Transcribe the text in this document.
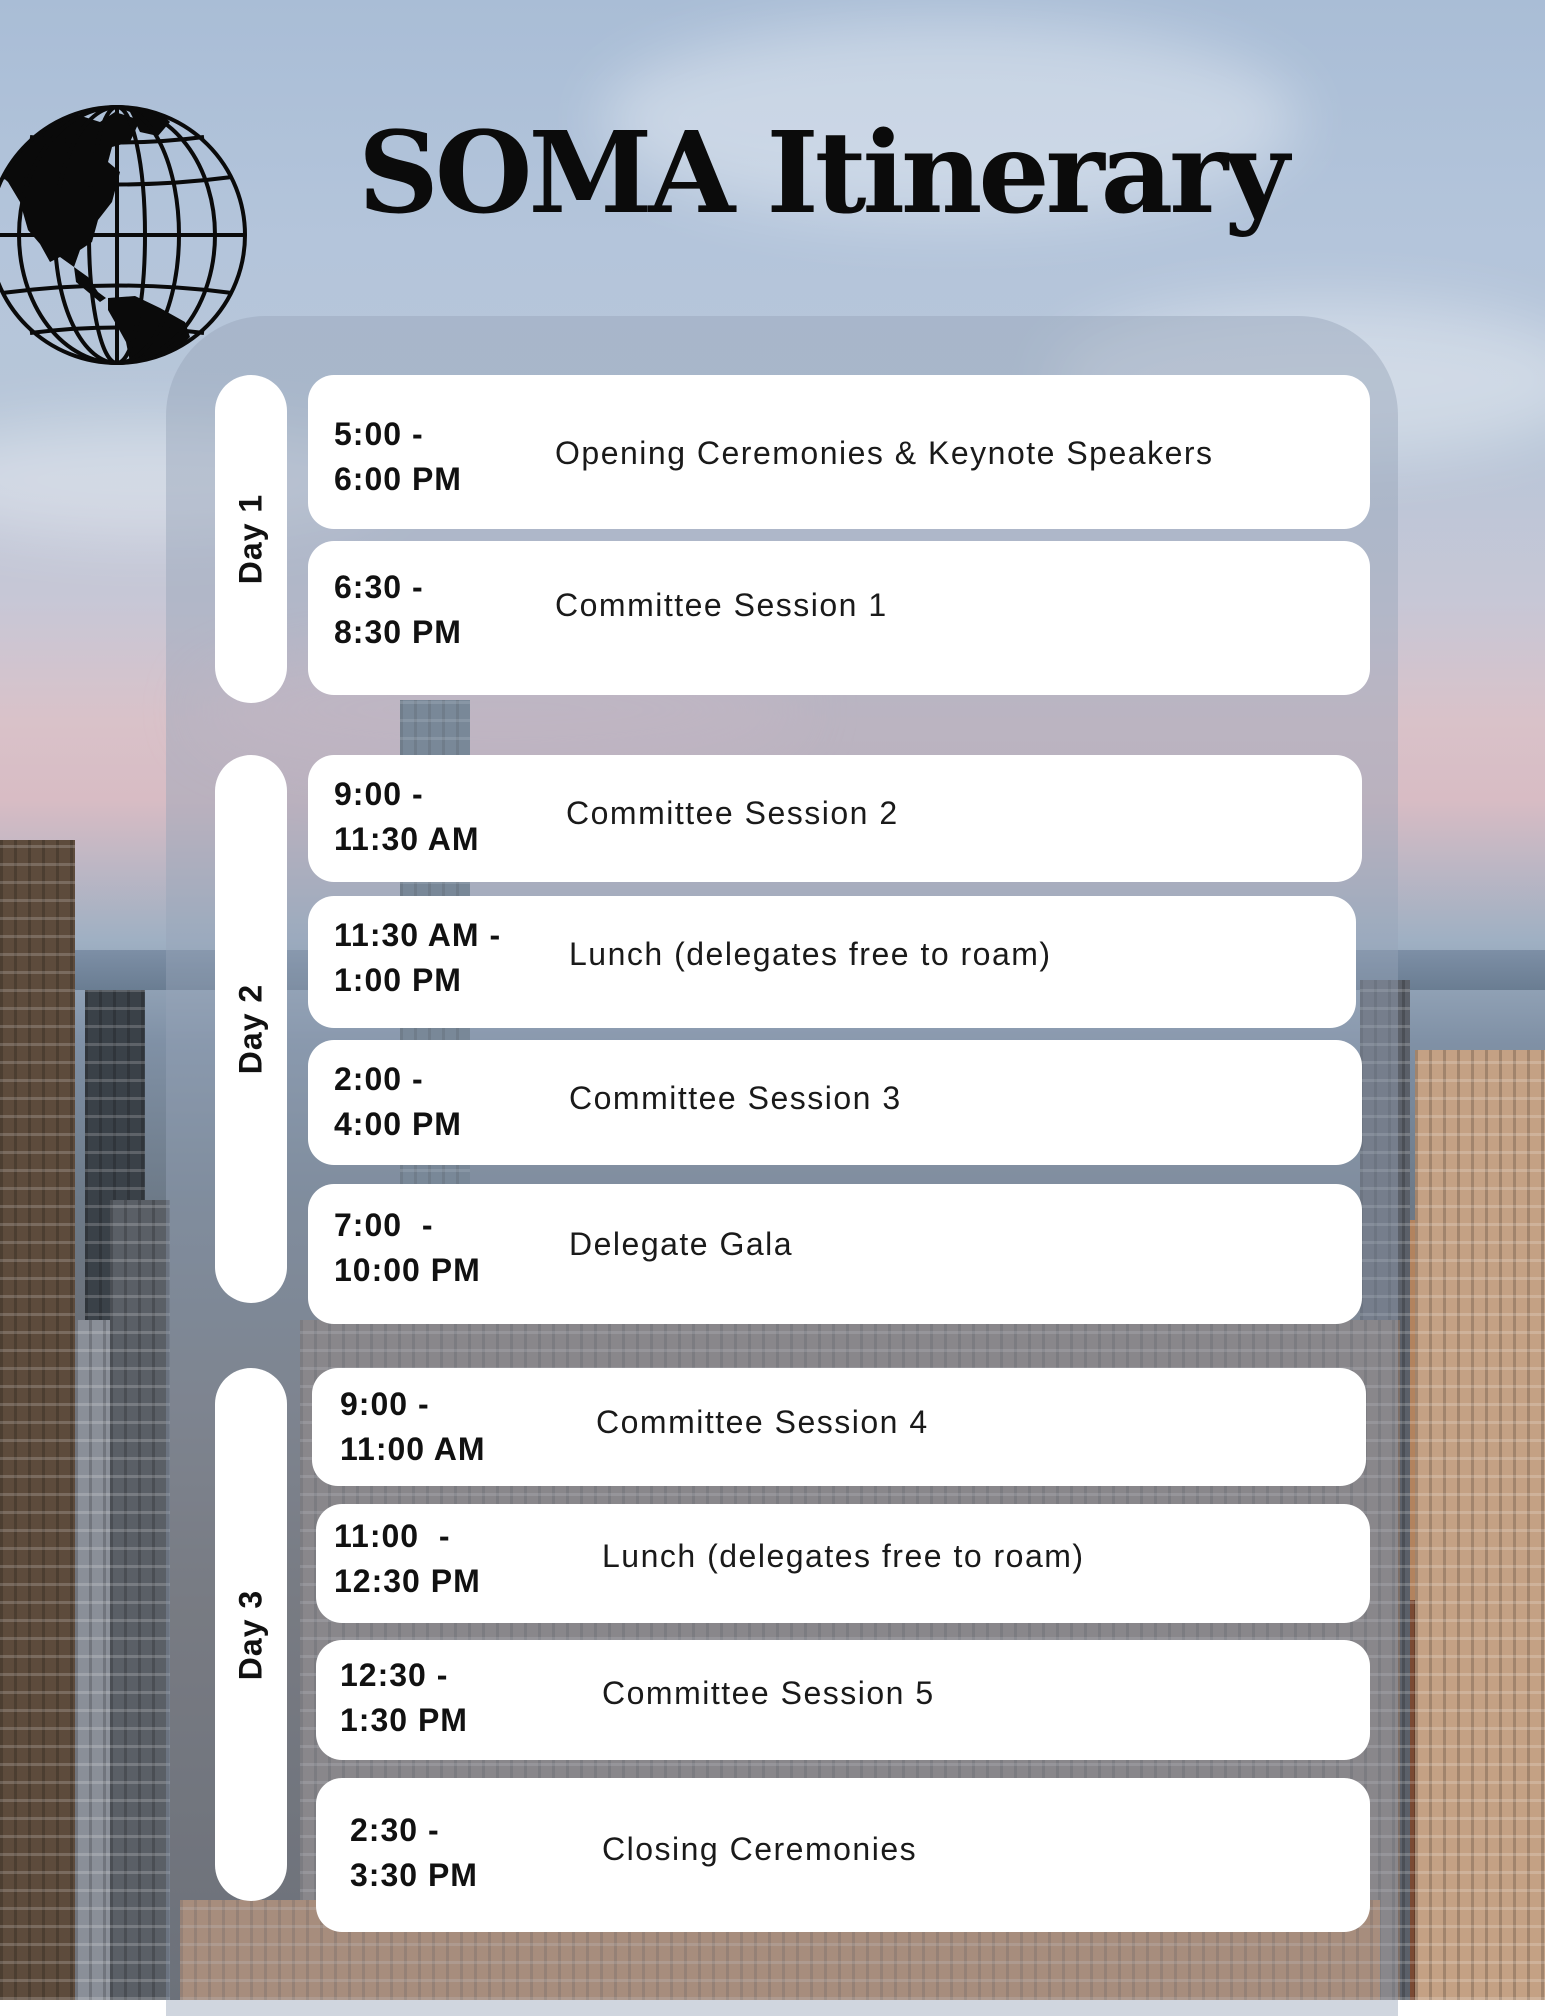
SOMA Itinerary
Day 1
Day 2
Day 3
5:00 -
6:00 PM
Opening Ceremonies & Keynote Speakers
6:30 -
8:30 PM
Committee Session 1
9:00 -
11:30 AM
Committee Session 2
11:30 AM -
1:00 PM
Lunch (delegates free to roam)
2:00 -
4:00 PM
Committee Session 3
7:00  -
10:00 PM
Delegate Gala
9:00 -
11:00 AM
Committee Session 4
11:00  -
12:30 PM
Lunch (delegates free to roam)
12:30 -
1:30 PM
Committee Session 5
2:30 -
3:30 PM
Closing Ceremonies
